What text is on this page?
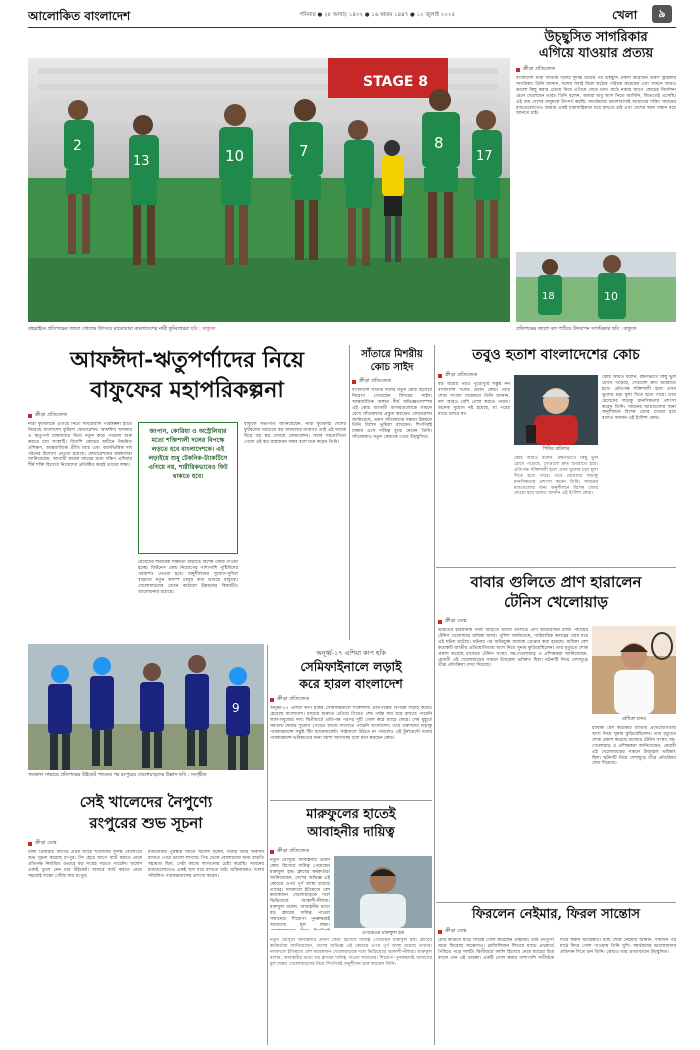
আলোকিত বাংলাদেশ	শনিবার ● ২৮ আষাঢ় ১৪৩২ ● ১৬ মহরম ১৪৪৭ ● ১২ জুলাই ২০২৫	খেলা	৯
STAGE 8
2
13	10	7	8
17
বাহরাইনে প্রতিপক্ষের জালে গোলের উৎসবে মাতোয়ারা বাংলাদেশের নারী ফুটবলাররা ছবি : বাফুফে
উচ্ছ্বসিত সাগরিকার
এগিয়ে যাওয়ার প্রত্যয়
ক্রীড়া প্রতিবেদক
বাংলাদেশ নারী জাতীয় দলের দুর্দান্ত জয়ের পর উচ্ছ্বাস প্রকাশ করেছেন তরুণ স্ট্রাইকার সাগরিকা। তিনি জানান, দলের সবাই মিলে কঠোর পরিশ্রম করেছেন এবং সামনে আরও ভালো কিছু করার প্রত্যয় নিয়ে এগিয়ে যেতে চান। মাঠে নামার আগে কোচের নির্দেশনা মেনে খেলেছেন তারা। তিনি বলেন, আমরা শুধু অংশ নিতে আসিনি, জিততেই এসেছি। এই জয় দেশের মানুষকে উৎসর্গ করছি। সমর্থকদের ভালোবাসাই আমাদের শক্তি। সামনের ম্যাচগুলোতেও আমরা একই ধারাবাহিকতা ধরে রাখতে চাই এবং দেশের জন্য সম্মান বয়ে আনতে চাই।
18	10
প্রতিপক্ষের জালে বল পাঠিয়ে উদযাপন সাগরিকার ছবি : বাফুফে
আফঈদা-ঋতুপর্ণাদের নিয়ে
বাফুফের মহাপরিকল্পনা
ক্রীড়া প্রতিবেদক
নারী ফুটবলকে এগিয়ে নিতে দীর্ঘমেয়াদি পরিকল্পনা হাতে নিয়েছে বাংলাদেশ ফুটবল ফেডারেশন। আফঈদা খন্দকার ও ঋতুপর্ণা চাকমাদের নিয়ে নতুন করে পথচলা শুরু করতে চায় সংস্থাটি। বিদেশি কোচের অধীনে নিয়মিত প্রশিক্ষণ, আন্তর্জাতিক প্রীতি ম্যাচ এবং বয়সভিত্তিক দল গঠনের উদ্যোগ নেওয়া হয়েছে। ফেডারেশনের কর্মকর্তারা জানিয়েছেন, আগামী কয়েক বছরের মধ্যে দক্ষিণ এশিয়ার শীর্ষ শক্তি হিসেবে নিজেদের প্রতিষ্ঠিত করাই তাদের লক্ষ্য।
জাপান, কোরিয়া ও অস্ট্রেলিয়ার মতো শক্তিশালী দলের বিপক্ষে লড়তে হবে বাংলাদেশকে। এই লড়াইয়ে শুধু টেকনিক-ট্যাকটিসে এগিয়ে নয়, শারীরিকভাবেও ফিট থাকতে হবে।
মেয়েদের শারীরিক সক্ষমতা বাড়াতে বিশেষ জোর দেওয়া হচ্ছে। ফিটনেস কোচ নিয়োগের পাশাপাশি পুষ্টিবিদের পরামর্শও নেওয়া হবে। অনুশীলনের সুযোগ-সুবিধা বাড়াতে নতুন ক্যাম্প চালুর কথা ভাবছে বাফুফে। খেলোয়াড়দের বেতন কাঠামো উন্নয়নের বিষয়টিও আলোচনায় রয়েছে।
বাফুফে সভাপতি জানিয়েছেন, নারী ফুটবলই দেশের ফুটবলের সবচেয়ে বড় সাফল্যের জায়গা। তাই এই দলকে ঘিরে বড় স্বপ্ন দেখছে ফেডারেশন। সবার সহযোগিতা পেলে এই স্বপ্ন বাস্তবায়ন সম্ভব বলে মনে করেন তিনি।
সাঁতারে মিশরীয়
কোচ সাইদ
ক্রীড়া প্রতিবেদক
বাংলাদেশ সাঁতার দলের নতুন কোচ হিসেবে নিয়োগ পেয়েছেন মিশরের সাইদ। আন্তর্জাতিক অঙ্গনে দীর্ঘ অভিজ্ঞতাসম্পন্ন এই কোচ আগামী আসরগুলোকে সামনে রেখে সাঁতারুদের প্রস্তুত করবেন। ফেডারেশন জানিয়েছে, তরুণ সাঁতারুদের দক্ষতা উন্নয়নে তিনি বিশেষ ভূমিকা রাখবেন। শিগগিরই ঢাকায় এসে দায়িত্ব বুঝে নেবেন তিনি। সাঁতারুরাও নতুন কোচকে পেয়ে উচ্ছ্বসিত।
তবুও হতাশ বাংলাদেশের কোচ
ক্রীড়া প্রতিবেদক
বড় জয়ের পরও পুরোপুরি সন্তুষ্ট নন বাংলাদেশ দলের প্রধান কোচ। ম্যাচ শেষে সংবাদ সম্মেলনে তিনি জানান, দল আরও বেশি গোল করতে পারত। অনেক সুযোগ নষ্ট হয়েছে, যা পরের ম্যাচে চলবে না।
পিটার বাটলার
কোচ আরও বলেন, রক্ষণভাগে কিছু ভুল চোখে পড়েছে, সেগুলো দ্রুত শুধরাতে হবে। প্রতিপক্ষ শক্তিশালী হলে এসব ভুলের চড়া মূল্য দিতে হতে পারে। তবে মেয়েদের লড়াকু মানসিকতার প্রশংসা করেন তিনি। সামনের ম্যাচগুলোর জন্য অনুশীলনে বিশেষ জোর দেওয়া হবে বলেও জানান এই ইংলিশ কোচ।
কোচ আরও বলেন, রক্ষণভাগে কিছু ভুল চোখে পড়েছে, সেগুলো দ্রুত শুধরাতে হবে। প্রতিপক্ষ শক্তিশালী হলে এসব ভুলের চড়া মূল্য দিতে হতে পারে। তবে মেয়েদের লড়াকু মানসিকতার প্রশংসা করেন তিনি। সামনের ম্যাচগুলোর জন্য অনুশীলনে বিশেষ জোর দেওয়া হবে বলেও জানান এই ইংলিশ কোচ।
বাবার গুলিতে প্রাণ হারালেন
টেনিস খেলোয়াড়
ক্রীড়া ডেস্ক
ভারতের হরিয়ানায় নিজ বাড়িতে বাবার গুলিতে প্রাণ হারিয়েছেন রাজ্য পর্যায়ের টেনিস খেলোয়াড় রাধিকা যাদব। পুলিশ জানিয়েছে, পারিবারিক কলহের জের ধরে এই ঘটনা ঘটেছে। ঘটনার পর অভিযুক্ত বাবাকে গ্রেপ্তার করা হয়েছে। রাধিকা বেশ কয়েকটি জাতীয় প্রতিযোগিতায় অংশ নিয়ে সুনাম কুড়িয়েছিলেন। তার মৃত্যুতে শোক প্রকাশ করেছে রাজ্যের টেনিস সংস্থা। সহ-খেলোয়াড় ও প্রশিক্ষকরা জানিয়েছেন, মেধাবী এই খেলোয়াড়ের সামনে উজ্জ্বল ভবিষ্যৎ ছিল। ঘটনাটি নিয়ে দেশজুড়ে তীব্র প্রতিক্রিয়া দেখা দিয়েছে।
রাধিকা যাদব
রাধিকা বেশ কয়েকটি জাতীয় প্রতিযোগিতায় অংশ নিয়ে সুনাম কুড়িয়েছিলেন। তার মৃত্যুতে শোক প্রকাশ করেছে রাজ্যের টেনিস সংস্থা। সহ-খেলোয়াড় ও প্রশিক্ষকরা জানিয়েছেন, মেধাবী এই খেলোয়াড়ের সামনে উজ্জ্বল ভবিষ্যৎ ছিল। ঘটনাটি নিয়ে দেশজুড়ে তীব্র প্রতিক্রিয়া দেখা দিয়েছে।
9
গতকাল সাভারে প্রতিপক্ষের উইকেট পতনের পর রংপুরের খেলোয়াড়দের উল্লাস ছবি : সংগৃহীত
অনূর্ধ্ব-১৭ এশিয়া কাপ হকি
সেমিফাইনালে লড়াই
করে হারল বাংলাদেশ
ক্রীড়া প্রতিবেদক
অনূর্ধ্ব-১৭ এশিয়া কাপ হকির সেমিফাইনালে শক্তিশালী প্রতিপক্ষের বিপক্ষে লড়াই করেও হেরেছে বাংলাদেশ। ম্যাচের শুরুতে এগিয়ে গিয়েও শেষ পর্যন্ত জয় ধরে রাখতে পারেনি লাল-সবুজের দল। দ্বিতীয়ার্ধে প্রতিপক্ষ পরপর দুটি গোল করে ম্যাচে ফেরে। শেষ মুহূর্তে সমতায় ফেরার সুযোগ পেয়েও কাজে লাগাতে পারেনি বাংলাদেশ। তবে তরুণদের লড়াকু পারফরম্যান্সে সন্তুষ্ট টিম ম্যানেজমেন্ট। ফাইনালে উঠতে না পারলেও এই টুর্নামেন্টে দলের পারফরম্যান্স ভবিষ্যতের জন্য আশা জাগাচ্ছে বলে মনে করছেন কোচ।
সেই খালেদের নৈপুণ্যে
রংপুরের শুভ সূচনা
ক্রীড়া ডেস্ক
ঢাকা প্রিমিয়ার লিগের প্রথম ম্যাচে খালেদের দুর্দান্ত বোলিংয়ে শুভ সূচনা করেছে রংপুর। টস হেরে আগে ব্যাট করতে নেমে প্রতিপক্ষ নির্ধারিত ওভারে বড় সংগ্রহ গড়তে পারেনি। খালেদ একাই তুলে নেন চার উইকেট। জবাবে ব্যাট করতে নেমে সহজেই লক্ষ্যে পৌঁছে যায় রংপুর।
ম্যাচসেরার পুরস্কার জিতে খালেদ বলেন, দলের জয়ে অবদান রাখতে পেরে ভালো লাগছে। পিচ থেকে বোলারদের জন্য বাড়তি সহায়তা ছিল, সেটা কাজে লাগানোর চেষ্টা করেছি। সামনের ম্যাচগুলোতেও একই ছন্দ ধরে রাখতে চাই। অধিনায়কও দলের সম্মিলিত পারফরম্যান্সের প্রশংসা করেন।
মারুফুলের হাতেই
আবাহনীর দায়িত্ব
ক্রীড়া প্রতিবেদক
নতুন মৌসুমে আবাহনীর প্রধান কোচ হিসেবে দায়িত্ব পেয়েছেন মারুফুল হক। ক্লাবের কর্মকর্তারা জানিয়েছেন, দেশের অভিজ্ঞ এই কোচের ওপর পূর্ণ আস্থা রয়েছে তাদের। দলবদলে ইতিমধ্যে বেশ কয়েকজন খেলোয়াড়কে দলে ভিড়িয়েছে আকাশী-নীলরা। মারুফুল বলেন, আবাহনীর মতো বড় ক্লাবের দায়িত্ব পাওয়া সম্মানের। শিরোপা পুনরুদ্ধারই আমাদের মূল লক্ষ্য।
এসকেএম মারুফুল হক
নতুন মৌসুমে আবাহনীর প্রধান কোচ হিসেবে দায়িত্ব পেয়েছেন মারুফুল হক। ক্লাবের কর্মকর্তারা জানিয়েছেন, দেশের অভিজ্ঞ এই কোচের ওপর পূর্ণ আস্থা রয়েছে তাদের। দলবদলে ইতিমধ্যে বেশ কয়েকজন খেলোয়াড়কে দলে ভিড়িয়েছে আকাশী-নীলরা। মারুফুল বলেন, আবাহনীর মতো বড় ক্লাবের দায়িত্ব পাওয়া সম্মানের। শিরোপা পুনরুদ্ধারই আমাদের মূল লক্ষ্য। খেলোয়াড়দের নিয়ে শিগগিরই অনুশীলন শুরু করবেন তিনি।
ফিরলেন নেইমার, ফিরল সান্তোস
ক্রীড়া ডেস্ক
চোট কাটিয়ে মাঠে ফিরেই গোল করেছেন নেইমার। তার নৈপুণ্যে জয়ে ফিরেছে সান্তোসও। ব্রাজিলিয়ান লিগের ম্যাচে প্রথমার্ধে পিছিয়ে পড়ে দলটি। দ্বিতীয়ার্ধে বদলি হিসেবে নেমে ম্যাচের চিত্র বদলে দেন এই তারকা। একটি গোল করার পাশাপাশি সতীর্থকে দিয়ে করান আরেকটি। ম্যাচ শেষে নেইমার জানান, দীর্ঘদিন পর মাঠে ফিরে গোল পাওয়ায় তিনি খুশি। সমর্থকদের ভালোবাসার প্রতিদান দিতে চান তিনি। কোচও তার প্রত্যাবর্তনে উচ্ছ্বসিত।
